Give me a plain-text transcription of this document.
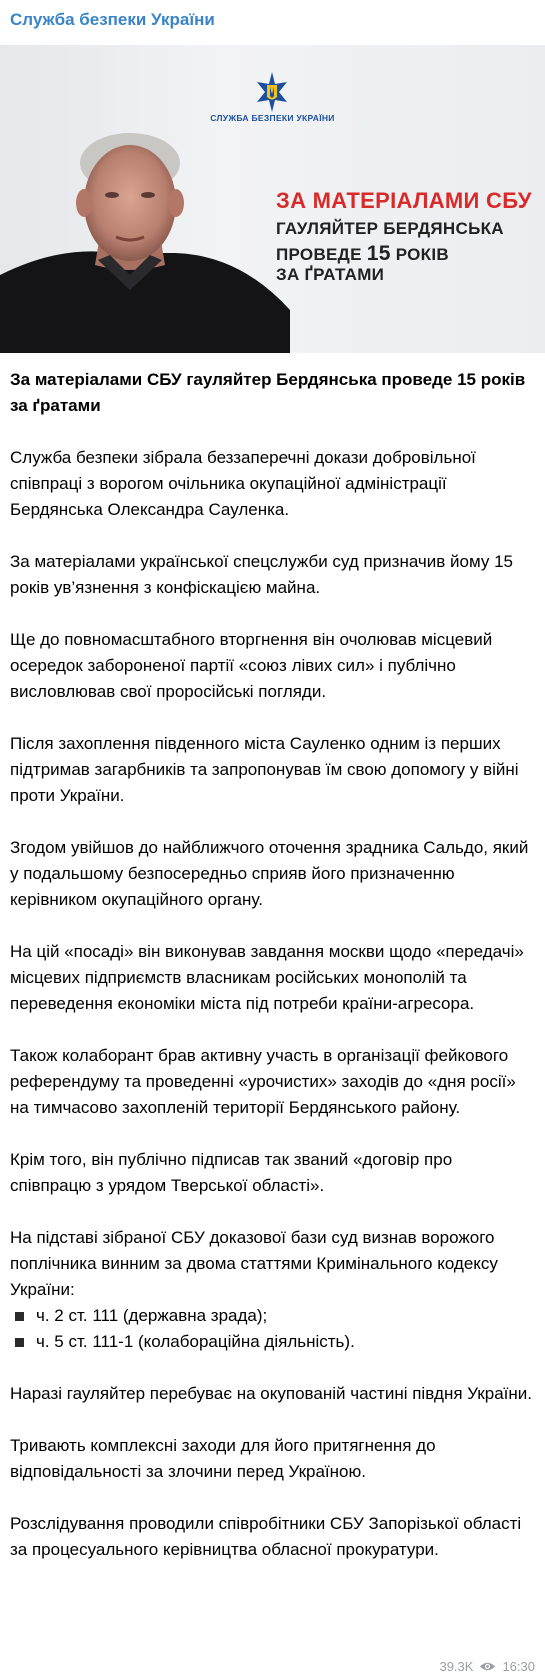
Служба безпеки України
СЛУЖБА БЕЗПЕКИ УКРАЇНИ
ЗА МАТЕРІАЛАМИ СБУ
ГАУЛЯЙТЕР БЕРДЯНСЬКА
ПРОВЕДЕ 15 РОКІВ
ЗА ҐРАТАМИ

За матеріалами СБУ гауляйтер Бердянська проведе 15 років за ґратами

Служба безпеки зібрала беззаперечні докази добровільної співпраці з ворогом очільника окупаційної адміністрації Бердянська Олександра Сауленка.

За матеріалами української спецслужби суд призначив йому 15 років ув’язнення з конфіскацією майна.

Ще до повномасштабного вторгнення він очолював місцевий осередок забороненої партії «союз лівих сил» і публічно висловлював свої проросійські погляди.

Після захоплення південного міста Сауленко одним із перших підтримав загарбників та запропонував їм свою допомогу у війні проти України.

Згодом увійшов до найближчого оточення зрадника Сальдо, який у подальшому безпосередньо сприяв його призначенню керівником окупаційного органу.

На цій «посаді» він виконував завдання москви щодо «передачі» місцевих підприємств власникам російських монополій та переведення економіки міста під потреби країни-агресора.

Також колаборант брав активну участь в організації фейкового референдуму та проведенні «урочистих» заходів до «дня росії» на тимчасово захопленій території Бердянського району.

Крім того, він публічно підписав так званий «договір про співпрацю з урядом Тверської області».

На підставі зібраної СБУ доказової бази суд визнав ворожого поплічника винним за двома статтями Кримінального кодексу України:

ч. 2 ст. 111 (державна зрада);
ч. 5 ст. 111-1 (колабораційна діяльність).

Наразі гауляйтер перебуває на окупованій частині півдня України.

Тривають комплексні заходи для його притягнення до відповідальності за злочини перед Україною.

Розслідування проводили співробітники СБУ Запорізької області за процесуального керівництва обласної прокуратури.

39.3K 16:30
